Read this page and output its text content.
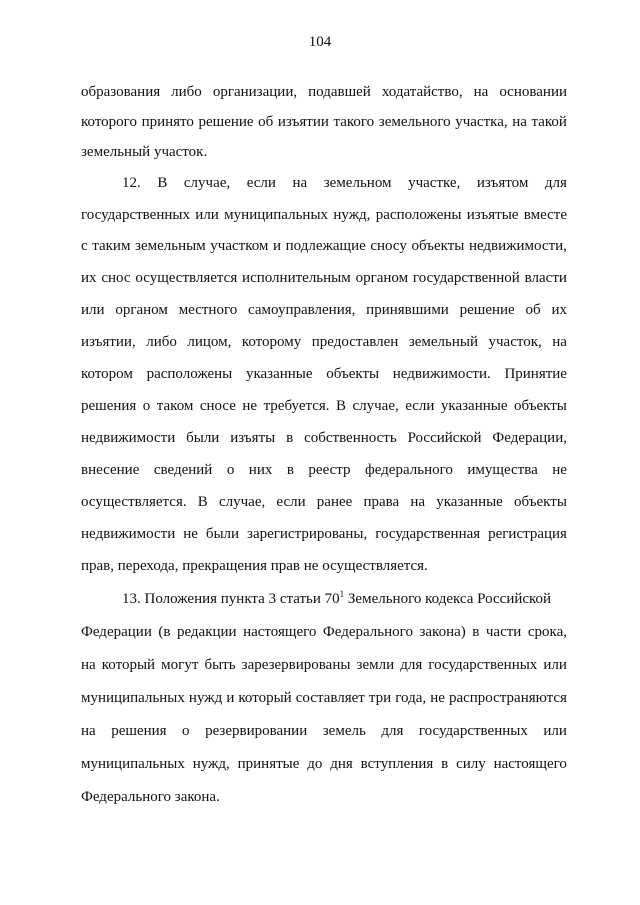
104
образования либо организации, подавшей ходатайство, на основании
которого принято решение об изъятии такого земельного участка, на такой
земельный участок.
12. В случае, если на земельном участке, изъятом для
государственных или муниципальных нужд, расположены изъятые вместе
с таким земельным участком и подлежащие сносу объекты недвижимости,
их снос осуществляется исполнительным органом государственной власти
или органом местного самоуправления, принявшими решение об их
изъятии, либо лицом, которому предоставлен земельный участок, на
котором расположены указанные объекты недвижимости. Принятие
решения о таком сносе не требуется. В случае, если указанные объекты
недвижимости были изъяты в собственность Российской Федерации,
внесение сведений о них в реестр федерального имущества не
осуществляется. В случае, если ранее права на указанные объекты
недвижимости не были зарегистрированы, государственная регистрация
прав, перехода, прекращения прав не осуществляется.
13. Положения пункта 3 статьи $70^1$ Земельного кодекса Российской
Федерации (в редакции настоящего Федерального закона) в части срока,
на который могут быть зарезервированы земли для государственных или
муниципальных нужд и который составляет три года, не распространяются
на решения о резервировании земель для государственных или
муниципальных нужд, принятые до дня вступления в силу настоящего
Федерального закона.
